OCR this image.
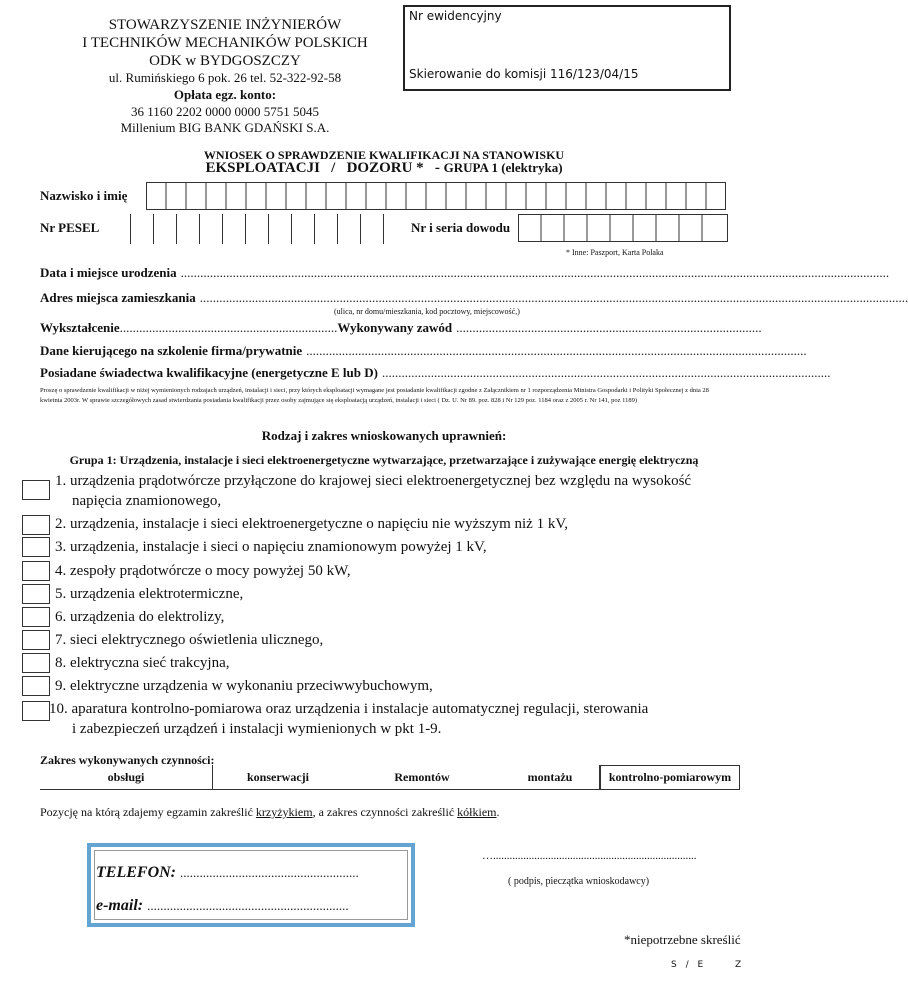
STOWARZYSZENIE INŻYNIERÓW
I TECHNIKÓW MECHANIKÓW POLSKICH
ODK w BYDGOSZCZY
ul. Rumińskiego 6 pok. 26 tel. 52-322-92-58
Opłata egz. konto:
36 1160 2202 0000 0000 5751 5045
Millenium BIG BANK GDAŃSKI S.A.
Nr ewidencyjny
Skierowanie do komisji 116/123/04/15
WNIOSEK O SPRAWDZENIE KWALIFIKACJI NA STANOWISKU
EKSPLOATACJI   /   DOZORU *   - GRUPA 1 (elektryka)
Nazwisko i imię
Nr PESEL	Nr i seria dowodu
* Inne: Paszport, Karta Polaka
Data i miejsce urodzenia ..........................................................................................................................................................................................................................
Adres miejsca zamieszkania ..........................................................................................................................................................................................................................
(ulica, nr domu/mieszkania, kod pocztowy, miejscowość,)
Wykształcenie...................................................................Wykonywany zawód ..............................................................................................
Dane kierującego na szkolenie firma/prywatnie ..........................................................................................................................................................
Posiadane świadectwa kwalifikacyjne (energetyczne E lub D) ..........................................................................................................................................
Proszę o sprawdzenie kwalifikacji w niżej wymienionych rodzajach urządzeń, instalacji i sieci, przy których eksploatacji wymagane jest posiadanie kwalifikacji zgodne z Załącznikiem nr 1 rozporządzenia Ministra Gospodarki i Polityki Społecznej z dnia 28 kwietnia 2003r. W sprawie szczegółowych zasad stwierdzania posiadania kwalifikacji przez osoby zajmujące się eksploatacją urządzeń, instalacji i sieci ( Dz. U. Nr 89. poz. 828 i Nr 129 poz. 1184 oraz z 2005 r. Nr 141, poz 1189)
Rodzaj i zakres wnioskowanych uprawnień:
Grupa 1: Urządzenia, instalacje i sieci elektroenergetyczne wytwarzające, przetwarzające i zużywające energię elektryczną
1. urządzenia prądotwórcze przyłączone do krajowej sieci elektroenergetycznej bez względu na wysokość
napięcia znamionowego,
2. urządzenia, instalacje i sieci elektroenergetyczne o napięciu nie wyższym niż 1 kV,
3. urządzenia, instalacje i sieci o napięciu znamionowym powyżej 1 kV,
4. zespoły prądotwórcze o mocy powyżej 50 kW,
5. urządzenia elektrotermiczne,
6. urządzenia do elektrolizy,
7. sieci elektrycznego oświetlenia ulicznego,
8. elektryczna sieć trakcyjna,
9. elektryczne urządzenia w wykonaniu przeciwwybuchowym,
10. aparatura kontrolno-pomiarowa oraz urządzenia i instalacje automatycznej regulacji, sterowania
i zabezpieczeń urządzeń i instalacji wymienionych w pkt 1-9.
Zakres wykonywanych czynności:
obsługi	konserwacji	Remontów	montażu	kontrolno-pomiarowym
Pozycję na którą zdajemy egzamin zakreślić krzyżykiem, a zakres czynności zakreślić kółkiem.
TELEFON: .......................................................
e-mail: ..............................................................
…..........................................................................
( podpis, pieczątka wnioskodawcy)
*niepotrzebne skreślić
S / E	Z
